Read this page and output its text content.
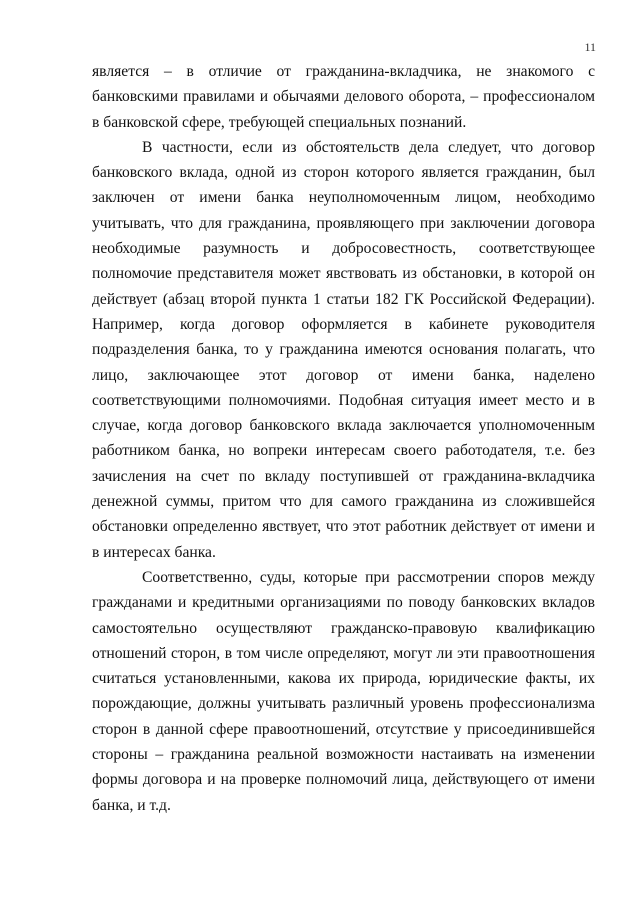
11

является – в отличие от гражданина-вкладчика, не знакомого с банковскими правилами и обычаями делового оборота, – профессионалом в банковской сфере, требующей специальных познаний.

В частности, если из обстоятельств дела следует, что договор банковского вклада, одной из сторон которого является гражданин, был заключен от имени банка неуполномоченным лицом, необходимо учитывать, что для гражданина, проявляющего при заключении договора необходимые разумность и добросовестность, соответствующее полномочие представителя может явствовать из обстановки, в которой он действует (абзац второй пункта 1 статьи 182 ГК Российской Федерации). Например, когда договор оформляется в кабинете руководителя подразделения банка, то у гражданина имеются основания полагать, что лицо, заключающее этот договор от имени банка, наделено соответствующими полномочиями. Подобная ситуация имеет место и в случае, когда договор банковского вклада заключается уполномоченным работником банка, но вопреки интересам своего работодателя, т.е. без зачисления на счет по вкладу поступившей от гражданина-вкладчика денежной суммы, притом что для самого гражданина из сложившейся обстановки определенно явствует, что этот работник действует от имени и в интересах банка.

Соответственно, суды, которые при рассмотрении споров между гражданами и кредитными организациями по поводу банковских вкладов самостоятельно осуществляют гражданско-правовую квалификацию отношений сторон, в том числе определяют, могут ли эти правоотношения считаться установленными, какова их природа, юридические факты, их порождающие, должны учитывать различный уровень профессионализма сторон в данной сфере правоотношений, отсутствие у присоединившейся стороны – гражданина реальной возможности настаивать на изменении формы договора и на проверке полномочий лица, действующего от имени банка, и т.д.
